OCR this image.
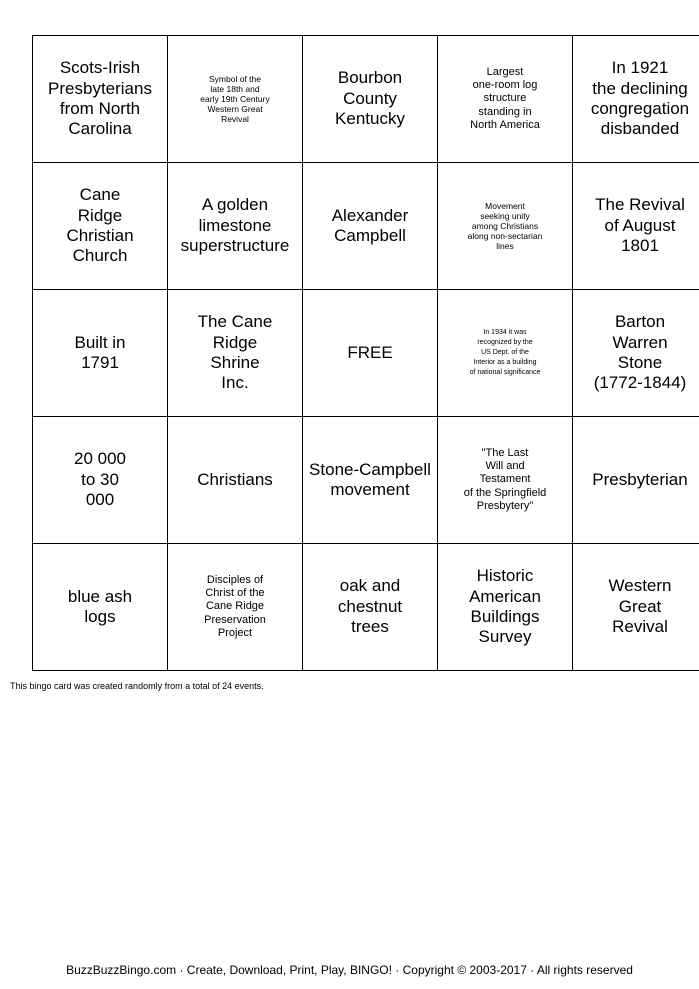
Scots-Irish
Presbyterians
from North
Carolina	Symbol of the
late 18th and
early 19th Century
Western Great
Revival	Bourbon
County
Kentucky	Largest
one-room log
structure
standing in
North America	In 1921
the declining
congregation
disbanded
Cane
Ridge
Christian
Church	A golden
limestone
superstructure	Alexander
Campbell	Movement
seeking unity
among Christians
along non-sectarian
lines	The Revival
of August
1801
Built in
1791	The Cane
Ridge
Shrine
Inc.	FREE	In 1934 it was
recognized by the
US Dept. of the
Interior as a building
of national significance	Barton
Warren
Stone
(1772-1844)
20 000
to 30
000	Christians	Stone-Campbell
movement	"The Last
Will and
Testament
of the Springfield
Presbytery"	Presbyterian
blue ash
logs	Disciples of
Christ of the
Cane Ridge
Preservation
Project	oak and
chestnut
trees	Historic
American
Buildings
Survey	Western
Great
Revival
This bingo card was created randomly from a total of 24 events.
BuzzBuzzBingo.com · Create, Download, Print, Play, BINGO! · Copyright © 2003-2017 · All rights reserved
